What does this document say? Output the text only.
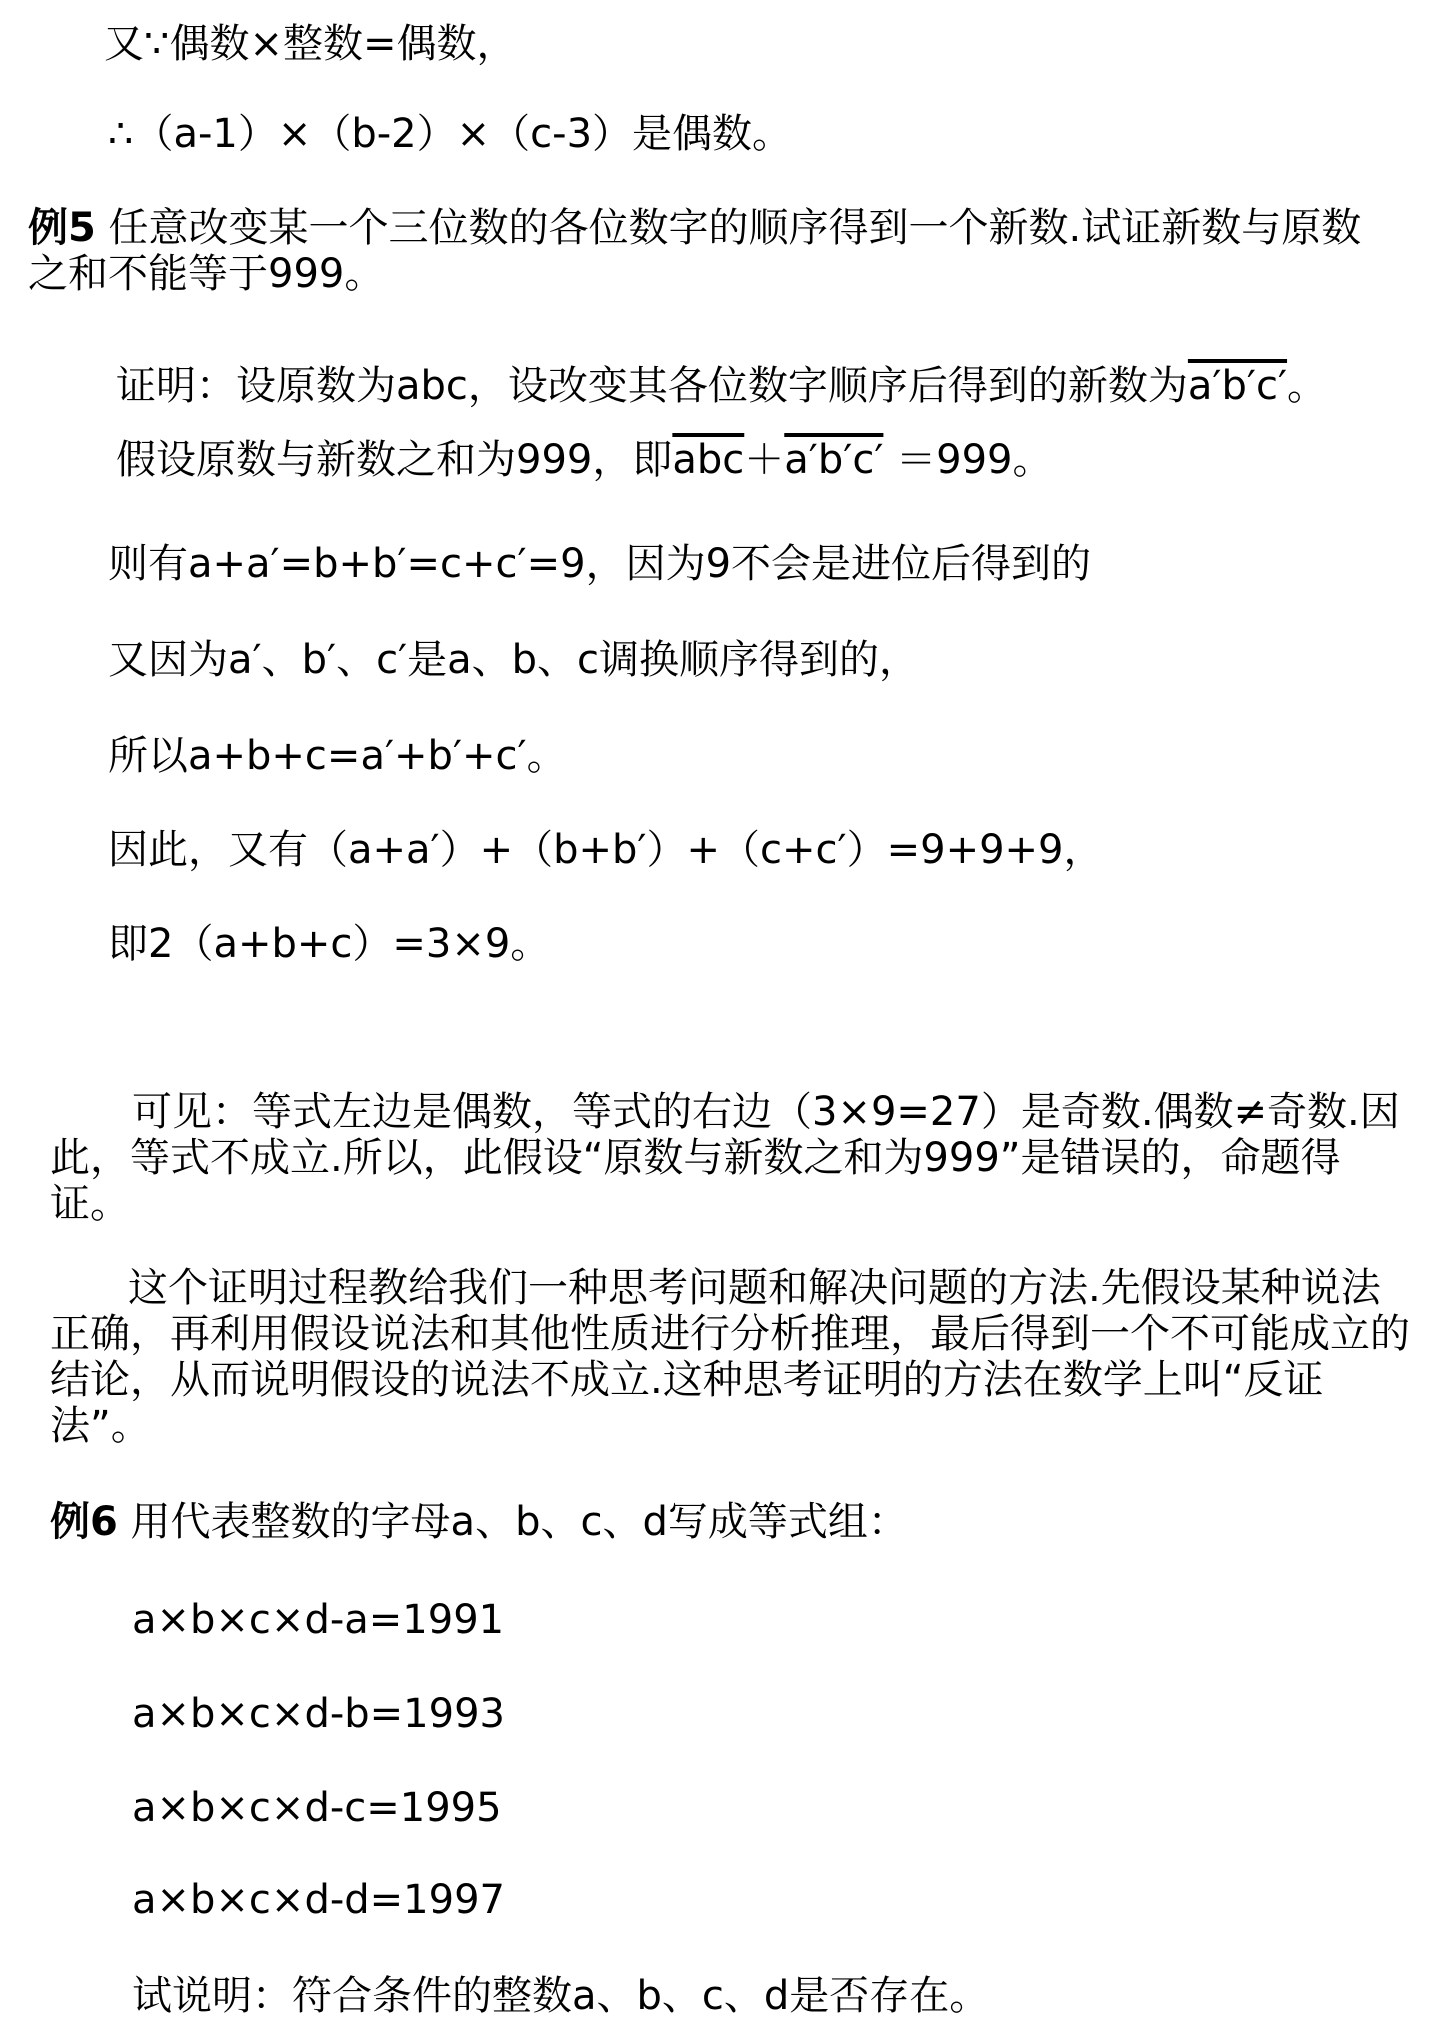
又∵偶数×整数=偶数，
∴（a-1）×（b-2）×（c-3）是偶数。
例5 任意改变某一个三位数的各位数字的顺序得到一个新数.试证新数与原数
之和不能等于999。
证明：设原数为abc，设改变其各位数字顺序后得到的新数为a′b′c′。
假设原数与新数之和为999，即$\overline{abc}+a'b'c' =999$。
则有a+a′=b+b′=c+c′=9，因为9不会是进位后得到的
又因为a′、b′、c′是a、b、c调换顺序得到的，
所以a+b+c=a′+b′+c′。
因此，又有（a+a′）+（b+b′）+（c+c′）=9+9+9，
即2（a+b+c）=3×9。
可见：等式左边是偶数，等式的右边（3×9=27）是奇数.偶数≠奇数.因
此，等式不成立.所以，此假设“原数与新数之和为999”是错误的，命题得
证。
这个证明过程教给我们一种思考问题和解决问题的方法.先假设某种说法
正确，再利用假设说法和其他性质进行分析推理，最后得到一个不可能成立的
结论，从而说明假设的说法不成立.这种思考证明的方法在数学上叫“反证
法”。
例6 用代表整数的字母a、b、c、d写成等式组：
a×b×c×d-a=1991
a×b×c×d-b=1993
a×b×c×d-c=1995
a×b×c×d-d=1997
试说明：符合条件的整数a、b、c、d是否存在。
